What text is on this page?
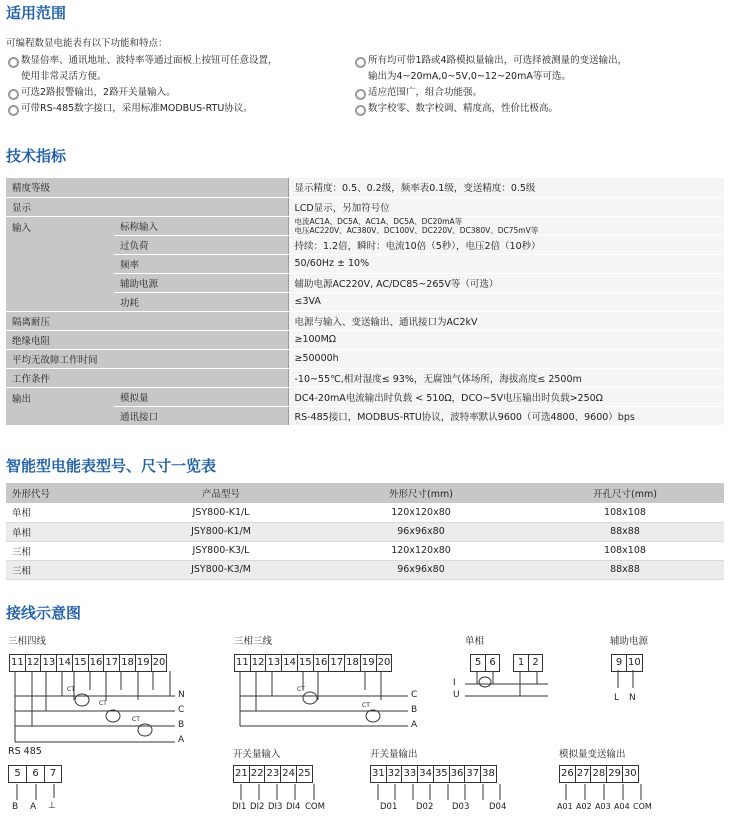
适用范围
可编程数显电能表有以下功能和特点：
数显倍率、通讯地址、波特率等通过面板上按钮可任意设置，
使用非常灵活方便。
可选2路报警输出，2路开关量输入。
可带RS-485数字接口，采用标准MODBUS-RTU协议。
所有均可带1路或4路模拟量输出，可选择被测量的变送输出，
输出为4~20mA,0~5V,0~12~20mA等可选。
适应范围广，组合功能强。
数字校零、数字校调、精度高，性价比极高。
技术指标
精度等级		显示精度：0.5、0.2级，频率表0.1级，变送精度：0.5级
显示		LCD显示，另加符号位
输入	标称输入	电流AC1A、DC5A、AC1A、DC5A、DC20mA等
电压AC220V、AC380V、DC100V、DC220V、DC380V、DC75mV等

	过负荷	持续：1.2倍，瞬时：电流10倍（5秒），电压2倍（10秒）
	频率	50/60Hz ± 10%
	辅助电源	辅助电源AC220V, AC/DC85~265V等（可选）
	功耗	≤3VA
隔离耐压		电源与输入、变送输出、通讯接口为AC2kV
绝缘电阻		≥100MΩ
平均无故障工作时间		≥50000h
工作条件		-10~55℃,相对湿度≤ 93%，无腐蚀气体场所，海拔高度≤ 2500m
输出	模拟量	DC4-20mA电流输出时负载 < 510Ω，DCO~5V电压输出时负载>250Ω
	通讯接口	RS-485接口，MODBUS-RTU协议，波特率默认9600（可选4800、9600）bps
智能型电能表型号、尺寸一览表
外形代号	产品型号	外形尺寸(mm)	开孔尺寸(mm)
单相	JSY800-K1/L	120x120x80	108x108
单相	JSY800-K1/M	96x96x80	88x88
三相	JSY800-K3/L	120x120x80	108x108
三相	JSY800-K3/M	96x96x80	88x88
接线示意图
三相四线
11 12 13 14 15 16 17 18 19 20
N
C
B
A
CT
CT
CT
三相三线
11 12 13 14 15 16 17 18 19 20
C
B
A
CT
CT
单相
5 6	1 2
I
U
辅助电源
9 10
L N
RS 485
5	6	7
B A ⊥
开关量输入
21 22 23 24 25
DI1 DI2 DI3 DI4 COM
开关量输出
31 32 33 34 35 36 37 38
D01 D02 D03 D04
模拟量变送输出
26 27 28 29 30
A01 A02 A03 A04 COM
